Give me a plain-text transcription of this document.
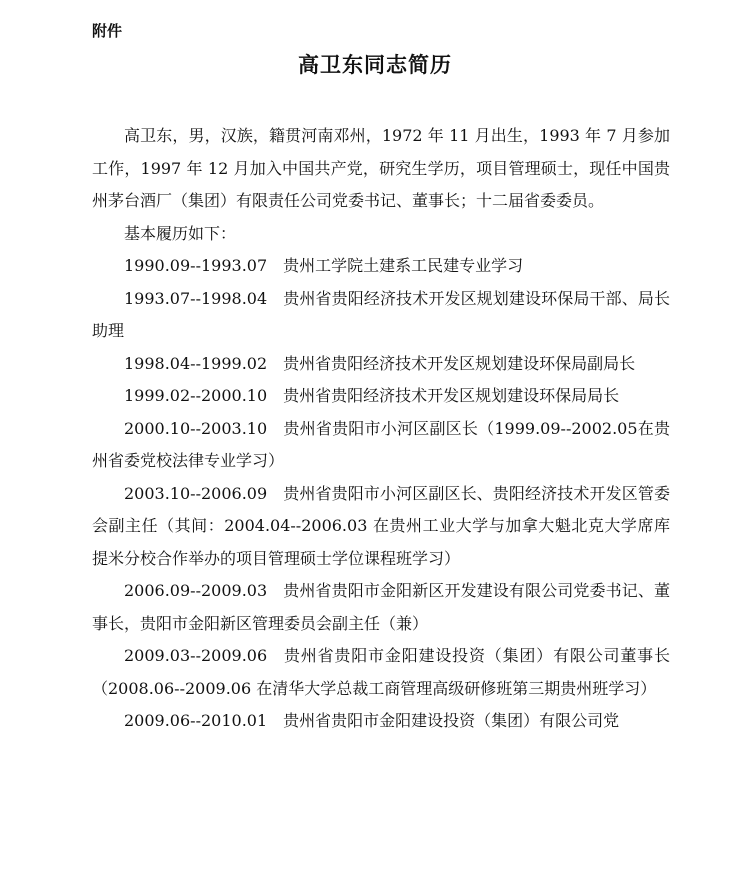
附件
高卫东同志简历

高卫东，男，汉族，籍贯河南邓州，1972 年 11 月出生，1993 年 7 月参加工作，1997 年 12 月加入中国共产党，研究生学历，项目管理硕士，现任中国贵州茅台酒厂（集团）有限责任公司党委书记、董事长；十二届省委委员。

基本履历如下：

1990.09--1993.07 贵州工学院土建系工民建专业学习

1993.07--1998.04 贵州省贵阳经济技术开发区规划建设环保局干部、局长助理

1998.04--1999.02 贵州省贵阳经济技术开发区规划建设环保局副局长

1999.02--2000.10 贵州省贵阳经济技术开发区规划建设环保局局长

2000.10--2003.10 贵州省贵阳市小河区副区长（1999.09--2002.05在贵州省委党校法律专业学习）

2003.10--2006.09 贵州省贵阳市小河区副区长、贵阳经济技术开发区管委会副主任（其间：2004.04--2006.03 在贵州工业大学与加拿大魁北克大学席库提米分校合作举办的项目管理硕士学位课程班学习）

2006.09--2009.03 贵州省贵阳市金阳新区开发建设有限公司党委书记、董事长，贵阳市金阳新区管理委员会副主任（兼）

2009.03--2009.06 贵州省贵阳市金阳建设投资（集团）有限公司董事长（2008.06--2009.06 在清华大学总裁工商管理高级研修班第三期贵州班学习）

2009.06--2010.01 贵州省贵阳市金阳建设投资（集团）有限公司党
